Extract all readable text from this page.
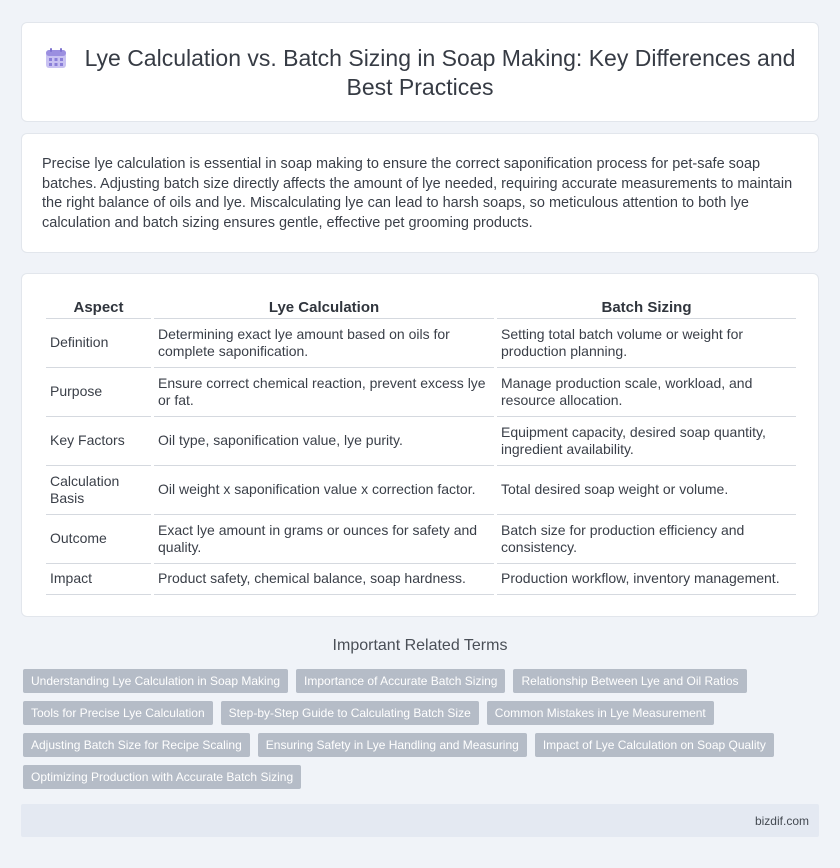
Lye Calculation vs. Batch Sizing in Soap Making: Key Differences and Best Practices

Precise lye calculation is essential in soap making to ensure the correct saponification process for pet-safe soap batches. Adjusting batch size directly affects the amount of lye needed, requiring accurate measurements to maintain the right balance of oils and lye. Miscalculating lye can lead to harsh soaps, so meticulous attention to both lye calculation and batch sizing ensures gentle, effective pet grooming products.

Aspect	Lye Calculation	Batch Sizing
Definition	Determining exact lye amount based on oils for complete saponification.	Setting total batch volume or weight for production planning.
Purpose	Ensure correct chemical reaction, prevent excess lye or fat.	Manage production scale, workload, and resource allocation.
Key Factors	Oil type, saponification value, lye purity.	Equipment capacity, desired soap quantity, ingredient availability.
Calculation Basis	Oil weight x saponification value x correction factor.	Total desired soap weight or volume.
Outcome	Exact lye amount in grams or ounces for safety and quality.	Batch size for production efficiency and consistency.
Impact	Product safety, chemical balance, soap hardness.	Production workflow, inventory management.
Important Related Terms
Understanding Lye Calculation in Soap Making	Importance of Accurate Batch Sizing	Relationship Between Lye and Oil Ratios
Tools for Precise Lye Calculation	Step-by-Step Guide to Calculating Batch Size	Common Mistakes in Lye Measurement
Adjusting Batch Size for Recipe Scaling	Ensuring Safety in Lye Handling and Measuring	Impact of Lye Calculation on Soap Quality
Optimizing Production with Accurate Batch Sizing
bizdif.com
